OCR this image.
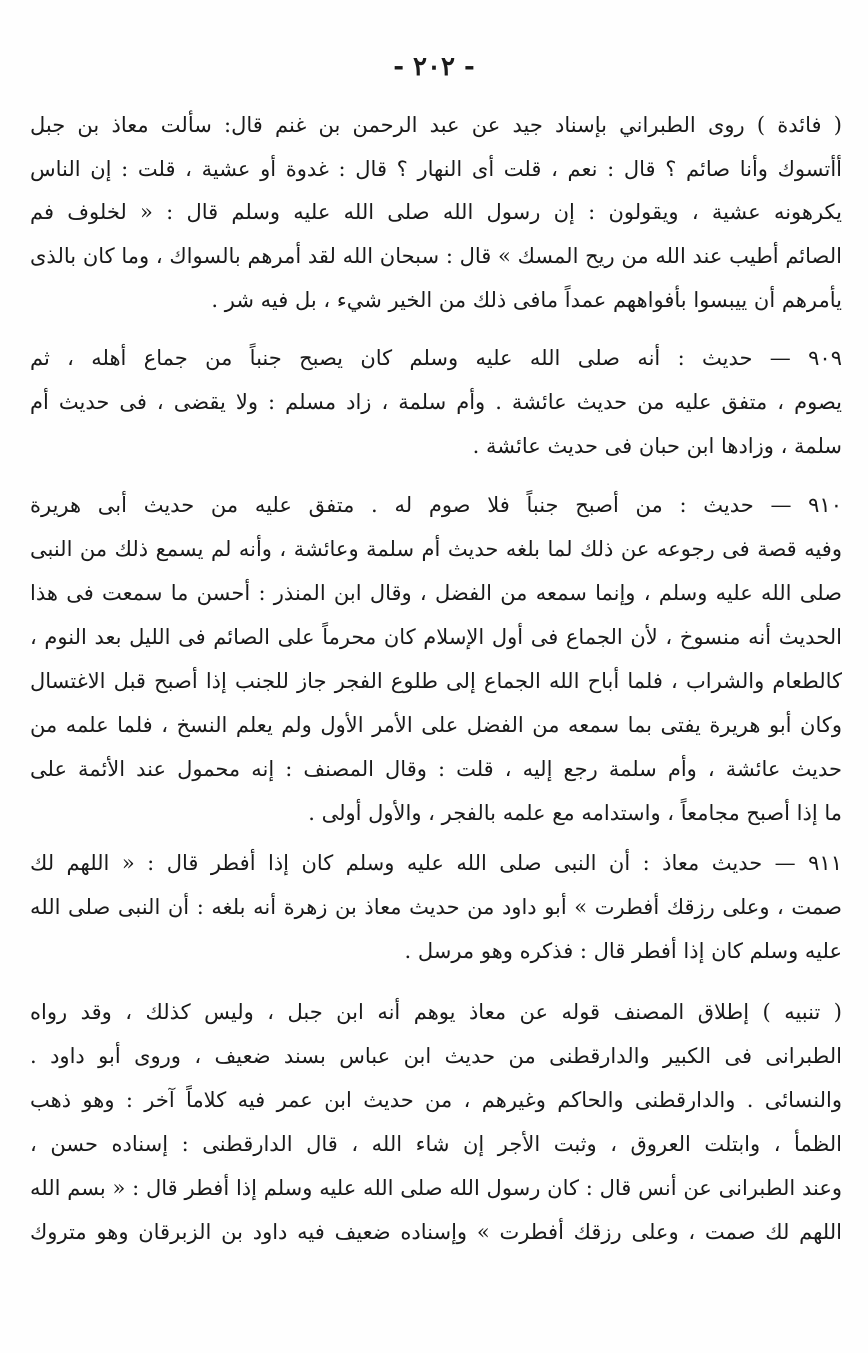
- ٢٠٢ -
( فائدة ) روى الطبراني بإسناد جيد عن عبد الرحمن بن غنم قال: سألت معاذ بن جبل
أأتسوك وأنا صائم ؟ قال : نعم ، قلت أى النهار ؟ قال : غدوة أو عشية ، قلت : إن الناس
يكرهونه عشية ، ويقولون : إن رسول الله صلى الله عليه وسلم قال : « لخلوف فم
الصائم أطيب عند الله من ريح المسك » قال : سبحان الله لقد أمرهم بالسواك ، وما كان بالذى
يأمرهم أن ييبسوا بأفواههم عمداً مافى ذلك من الخير شيء ، بل فيه شر .
٩٠٩ — حديث : أنه صلى الله عليه وسلم كان يصبح جنباً من جماع أهله ، ثم
يصوم ، متفق عليه من حديث عائشة . وأم سلمة ، زاد مسلم : ولا يقضى ، فى حديث أم
سلمة ، وزادها ابن حبان فى حديث عائشة .
٩١٠ — حديث : من أصبح جنباً فلا صوم له . متفق عليه من حديث أبى هريرة
وفيه قصة فى رجوعه عن ذلك لما بلغه حديث أم سلمة وعائشة ، وأنه لم يسمع ذلك من النبى
صلى الله عليه وسلم ، وإنما سمعه من الفضل ، وقال ابن المنذر : أحسن ما سمعت فى هذا
الحديث أنه منسوخ ، لأن الجماع فى أول الإسلام كان محرماً على الصائم فى الليل بعد النوم ،
كالطعام والشراب ، فلما أباح الله الجماع إلى طلوع الفجر جاز للجنب إذا أصبح قبل الاغتسال
وكان أبو هريرة يفتى بما سمعه من الفضل على الأمر الأول ولم يعلم النسخ ، فلما علمه من
حديث عائشة ، وأم سلمة رجع إليه ، قلت : وقال المصنف : إنه محمول عند الأئمة على
ما إذا أصبح مجامعاً ، واستدامه مع علمه بالفجر ، والأول أولى .
٩١١ — حديث معاذ : أن النبى صلى الله عليه وسلم كان إذا أفطر قال : « اللهم لك
صمت ، وعلى رزقك أفطرت » أبو داود من حديث معاذ بن زهرة أنه بلغه : أن النبى صلى الله
عليه وسلم كان إذا أفطر قال : فذكره وهو مرسل .
( تنبيه ) إطلاق المصنف قوله عن معاذ يوهم أنه ابن جبل ، وليس كذلك ، وقد رواه
الطبرانى فى الكبير والدارقطنى من حديث ابن عباس بسند ضعيف ، وروى أبو داود .
والنسائى . والدارقطنى والحاكم وغيرهم ، من حديث ابن عمر فيه كلاماً آخر : وهو ذهب
الظمأ ، وابتلت العروق ، وثبت الأجر إن شاء الله ، قال الدارقطنى : إسناده حسن ،
وعند الطبرانى عن أنس قال : كان رسول الله صلى الله عليه وسلم إذا أفطر قال : « بسم الله
اللهم لك صمت ، وعلى رزقك أفطرت » وإسناده ضعيف فيه داود بن الزبرقان وهو متروك
